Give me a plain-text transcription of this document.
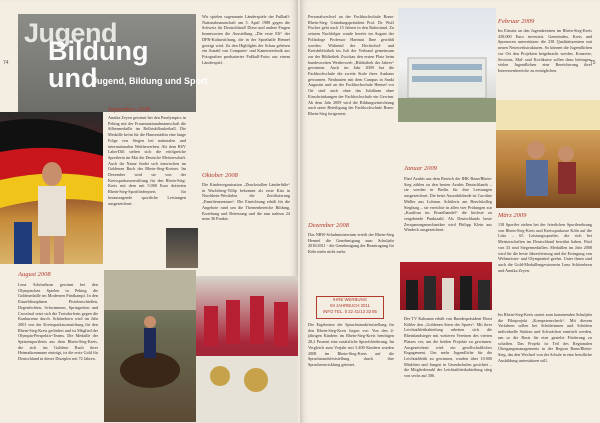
74
Jugend
Bildung und
Jugend, Bildung und Sport
September 2008
Annika Zeyen gewinnt bei den Paralympics in Peking mit der Frauennationalmannschaft die Silbermedaille im Rollstuhlbasketball. Die Medaille krönt für die Hansestädtin eine lange Folge von Siegen bei nationalen und internationalen Wettbewerben. Als dem RSV Lahn-Dill stehen sich die erfolgreiche Sportlerin im Mai die Deutsche Meisterschaft. Auch ihr Name findet sich inzwischen im Goldenen Buch des Rhein-Sieg-Kreises. Im Dezember wird sie von der Kreissparkassenstiftung für den Rhein-Sieg-Kreis mit dem mit 5.000 Euro dotierten Rhein-Sieg-Sportförderpreis für herausragende sportliche Leistungen ausgezeichnet.
August 2008
Lena Schöneborn gewinnt bei den Olympischen Spielen in Peking die Goldmedaille im Modernen Fünfkampf. In den Einzeldisziplinen Pistolenschießen, Degenfechten, Schwimmen, Springreiten und Crosslauf setzt sich die Troisdorferin gegen die Konkurrenz durch. Schöneborn wird im Jahr 2001 von der Kreissparkassenstiftung für den Rhein-Sieg-Kreis gefördert und ist Mitglied der Olympia-Perspektiv-Teams. Die Medaille der Spitzensportlerin aus dem Rhein-Sieg-Kreis, die sich ins Goldene Buch ihrer Heimatkommune einträgt, ist die erste Gold für Deutschland in dieser Disziplin seit 72 Jahren.
Wir spielen sogenannte Länderspiele der Fußball-Nationalmannschaft am 5. April 1988 gegen die Schweiz für Deutschland! Diese und andere Fragen beantworten die Ausstellung „Die erste Elf“ der DFB-Kulturstiftung, die in der Sporthalle Hennef gezeigt wird. Zu den Highlights der Schau gehören ein Anzahl von Computer- und Kameratechnik aus Fotografien produzierter Fußball-Fotos aus einem Länderspiel.
Oktober 2008
Die Kinderorganisation „Druckstollen Länderfüße“ in Wachtberg-Villip bekommt als erste Kita in Nordrhein-Westfalen die Zertifizierung „Familienzentrum“. Die Einrichtung erhält für die Angebote rund um die Themenbereiche Bildung, Erziehung und Betreuung und die nun nahezu 24 neue 36 Punkte.
75
Personalwechsel an der Fachhochschule Bonn-Rhein-Sieg: Gründungspräsident Prof. Dr. Wulf Fischer geht nach 15 Jahren in den Ruhestand. Zu seinem Nachfolger wurde bereits im August der Politologe Professor Hartmut Ihne gewählt worden. Während der Hochschul- und Kreisbibliothek im Juli der Verbund gemeinsam zur der Bibliothek Zwickau den ersten Platz beim bundesweiten Wettbewerb „Bibliothek des Jahres“ gewinnen. Auch im Jahr 2009 hat die Fachhochschule die zweite Stufe ihres Ausbaus gewonnen. Neubauten mit dem Campus in Sankt Augustin und an der Fachhochschule Hennef vor Ort sind auch ohne das Jubiläum ohne Einschränkungen der Fachhochschule ein Gewinn. Ab dem Jahr 2009 wird die Bildungseinrichtung auch unter Beteiligung der Fachhochschule Bonn-Rhein-Sieg fortgesetzt.
Dezember 2008
Das NRW-Schulministerium erteilt der Rhein-Sieg Hennef die Genehmigung zum Schuljahr 2010/2011 - die Genehmigung der Beantragung für Köln mehr nicht mehr.
IHRE WERBUNG
IM JAHRBUCH 2011
INFO TEL. 0 22 41/13 33 85
Die Ergebnisse der Sprachstandsfeststellung für den Rhein-Sieg-Kreis liegen vor: Von den 4-jährigen Kindern im Rhein-Sieg-Kreis benötigen 28,2 Prozent eine zusätzliche Sprachförderung. Im Vergleich zum Vorjahr mit 5.400 Kindern wurden 2008 im Rhein-Sieg-Kreis auf die Sprachstandsfeststellung durch ihre Sprachentwicklung getestet.
Januar 2009
Fünf Azubis aus dem Bereich der IHK Bonn/Rhein-Sieg zählen zu den besten Azubis Deutschlands – sie werden in Berlin für ihre Leistungen ausgezeichnet. Die beste Auszubildende ist Caroline Müller aus Lohmar. Schüleris am Berufskolleg Siegburg – sie erreichte in allen vier Prüfungen zur „Kauffrau im Einzelhandel“ die höchste zu vergebende Punktzahl. Als Deutschlands beste Zerspanungsmechaniker wird Philipp Klein aus Windeck ausgezeichnet.
Der TV Kalmann erhält von Bundespräsident Horst Köhler den „Goldenen Stern des Sports“. Mit ihrer Leichtathletikabteilung arbeiten sich die Rheinlandsieger mit weiteren Vereinen des vierten Platzes vor, um die beiden Projekte zu gewinnen. Ausgezeichnet wird ein gesellschaftliches Engagement. Um mehr Jugendliche für die Leichtathletik zu gewinnen, wurden über 10.000 Mädchen und Jungen in Grundschulen gesichtet – die Mitgliederzahl der Leichtathletikabteilung stieg von sechs auf 306.
Februar 2009
Im Einsatz an den Jugendzentren im Rhein-Sieg-Kreis 438.000 Euro investiert. Gemeinden, Kreis und Sponsoren unterstützen die 238 Qualitätszentren mit neuen Netzwerkstrukturen. So können die Jugendlichen vor Ort den Projekten beigebracht werden. Konzerte, Sessions, Mal- und Kochkurse sollen dazu beitragen, vielen Jugendlichen eine Bereicherung ihrer Interessenbereiche zu ermöglichen.
März 2009
118 Sportler ziehen bei der feierlichen Sportlerehrung von Rhein-Sieg-Kreis und Kreissparkasse Köln auf die Liste – 65 Leistungssportler, die sich bei Meisterschaften im Deutschland bewährt haben. Fünf von 33 sind Siegermedaillen. Medaillen im Jahr 2008 wird für die beste Jahresleistung und die Erringung von Weltmeister- und Olympiatitel geehrt. Unter ihnen sind auch die Gold-Medaillengewinnerin Lena Schöneborn und Annika Zeyen.
Im Rhein-Sieg-Kreis startet zum kommenden Schuljahr die Pilotprojekt „Kompetenzcheck“. Mit diesem Verfahren sollen bei Schülerinnen und Schülern individuelle Stärken und Schwächen ermittelt werden, um so die Basis für eine gezielte Förderung zu schaffen. Das Projekt ist Teil des Regionalen Übergangsmanagements in der Region Bonn/Rhein-Sieg, das den Wechsel von der Schule in eine berufliche Ausbildung unterstützen will.
